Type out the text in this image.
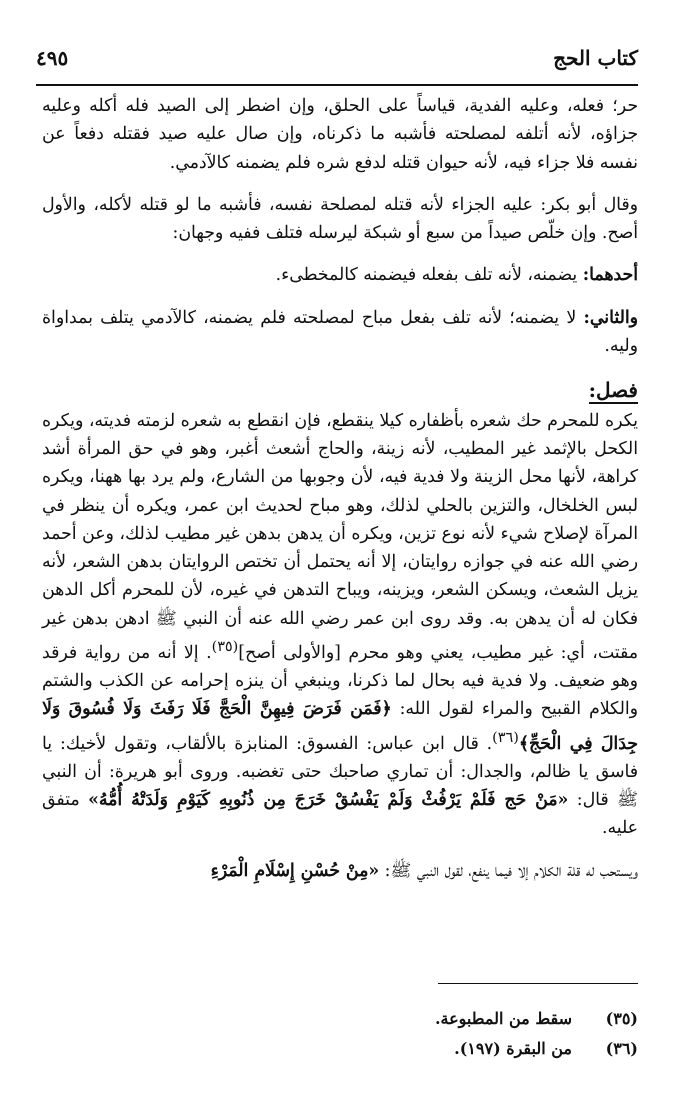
كتاب الحج
٤٩٥

حر؛ فعله، وعليه الفدية، قياساً على الحلق، وإن اضطر إلى الصيد فله أكله وعليه جزاؤه، لأنه أتلفه لمصلحته فأشبه ما ذكرناه، وإن صال عليه صيد فقتله دفعاً عن نفسه فلا جزاء فيه، لأنه حيوان قتله لدفع شره فلم يضمنه كالآدمي.

وقال أبو بكر: عليه الجزاء لأنه قتله لمصلحة نفسه، فأشبه ما لو قتله لأكله، والأول أصح. وإن خلّص صيداً من سبع أو شبكة ليرسله فتلف ففيه وجهان:

أحدهما: يضمنه، لأنه تلف بفعله فيضمنه كالمخطىء.

والثاني: لا يضمنه؛ لأنه تلف بفعل مباح لمصلحته فلم يضمنه، كالآدمي يتلف بمداواة وليه.

فصل:

يكره للمحرم حك شعره بأظفاره كيلا ينقطع، فإن انقطع به شعره لزمته فديته، ويكره الكحل بالإثمد غير المطيب، لأنه زينة، والحاج أشعث أغبر، وهو في حق المرأة أشد كراهة، لأنها محل الزينة ولا فدية فيه، لأن وجوبها من الشارع، ولم يرد بها ههنا، ويكره لبس الخلخال، والتزين بالحلي لذلك، وهو مباح لحديث ابن عمر، ويكره أن ينظر في المرآة لإصلاح شيء لأنه نوع تزين، ويكره أن يدهن بدهن غير مطيب لذلك، وعن أحمد رضي الله عنه في جوازه روايتان، إلا أنه يحتمل أن تختص الروايتان بدهن الشعر، لأنه يزيل الشعث، ويسكن الشعر، ويزينه، ويباح التدهن في غيره، لأن للمحرم أكل الدهن فكان له أن يدهن به. وقد روى ابن عمر رضي الله عنه أن النبي ﷺ ادهن بدهن غير مقتت، أي: غير مطيب، يعني وهو محرم [والأولى أصح]$^{(٣٥)}$. إلا أنه من رواية فرقد وهو ضعيف. ولا فدية فيه بحال لما ذكرنا، وينبغي أن ينزه إحرامه عن الكذب والشتم والكلام القبيح والمراء لقول الله: ﴿فَمَن فَرَضَ فِيهِنَّ الْحَجَّ فَلَا رَفَثَ وَلَا فُسُوقَ وَلَا جِدَالَ فِي الْحَجِّ﴾$^{(٣٦)}$. قال ابن عباس: الفسوق: المنابزة بالألقاب، وتقول لأخيك: يا فاسق يا ظالم، والجدال: أن تماري صاحبك حتى تغضبه. وروى أبو هريرة: أن النبي ﷺ قال: «مَنْ حَج فَلَمْ يَرْفُثْ وَلَمْ يَفْسُقْ خَرَجَ مِن ذُنُوبِهِ كَيَوْمِ وَلَدَتْهُ أُمُّهُ» متفق عليه.

ويستحب له قلة الكلام إلا فيما ينفع، لقول النبي ﷺ: «مِنْ حُسْنِ إِسْلَامِ الْمَرْءِ

(٣٥)
سقط من المطبوعة.
(٣٦)
من البقرة (١٩٧).
